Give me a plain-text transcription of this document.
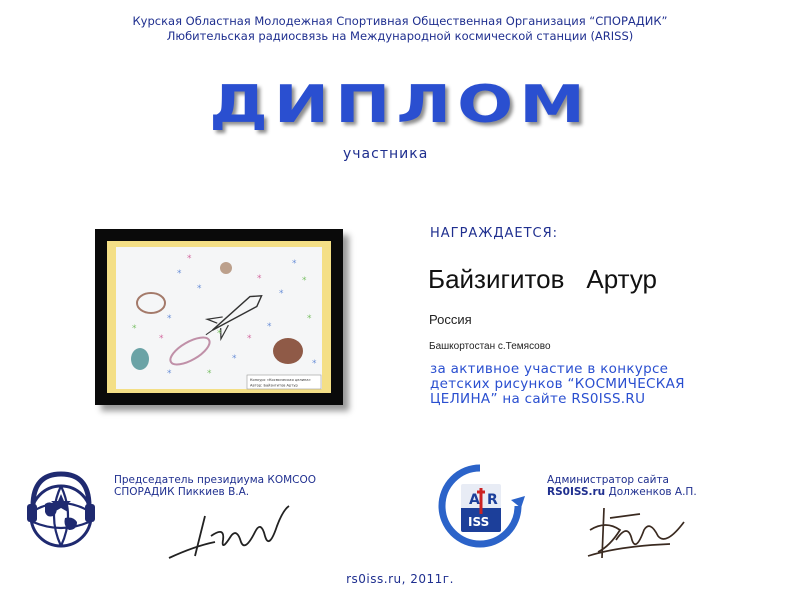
Курская Областная Молодежная Спортивная Общественная Организация “СПОРАДИК”
Любительская радиосвязь на Международной космической станции (ARISS)
ДИПЛОМ
участника
*
*
*
*
*
*
*
*
*
*
*
*
*
*
*
*
*	*
Конкурс «Космическая целина»
Автор: Байзигитов Артур
НАГРАЖДАЕТСЯ:
Байзигитов Артур
Россия
Башкортостан с.Темясово
за активное участие в конкурсе
детских рисунков “КОСМИЧЕСКАЯ
ЦЕЛИНА” на сайте RS0ISS.RU
Председатель президиума КОМСОО
СПОРАДИК Пиккиев В.А.	A R
ISS
Администратор сайта
RS0ISS.ru Долженков А.П.
rs0iss.ru, 2011г.
